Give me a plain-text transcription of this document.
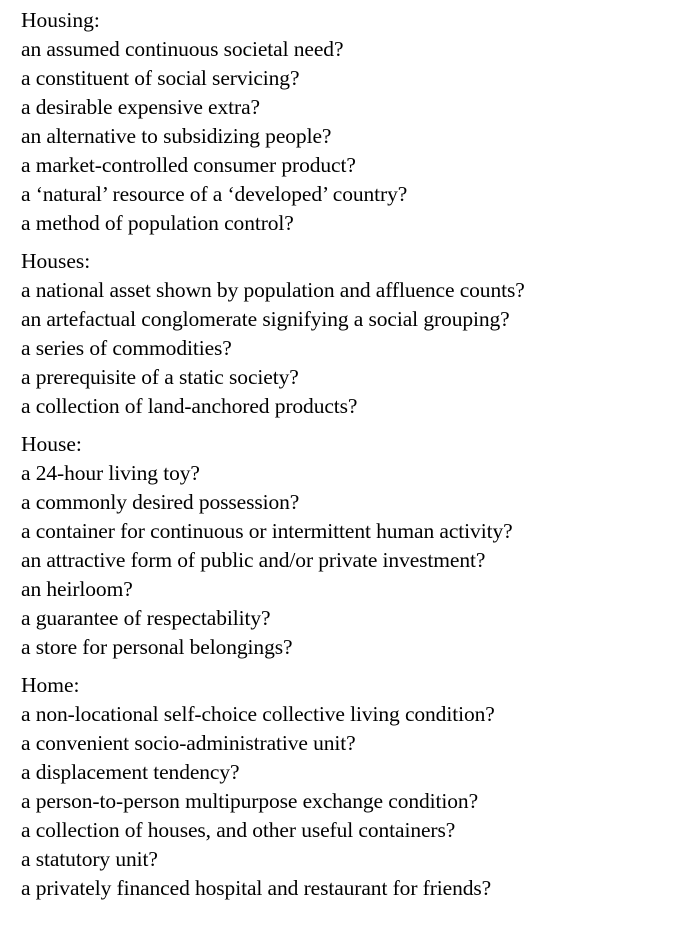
Housing:
an assumed continuous societal need?
a constituent of social servicing?
a desirable expensive extra?
an alternative to subsidizing people?
a market-controlled consumer product?
a ‘natural’ resource of a ‘developed’ country?
a method of population control?
Houses:
a national asset shown by population and affluence counts?
an artefactual conglomerate signifying a social grouping?
a series of commodities?
a prerequisite of a static society?
a collection of land-anchored products?
House:
a 24-hour living toy?
a commonly desired possession?
a container for continuous or intermittent human activity?
an attractive form of public and/or private investment?
an heirloom?
a guarantee of respectability?
a store for personal belongings?
Home:
a non-locational self-choice collective living condition?
a convenient socio-administrative unit?
a displacement tendency?
a person-to-person multipurpose exchange condition?
a collection of houses, and other useful containers?
a statutory unit?
a privately financed hospital and restaurant for friends?
